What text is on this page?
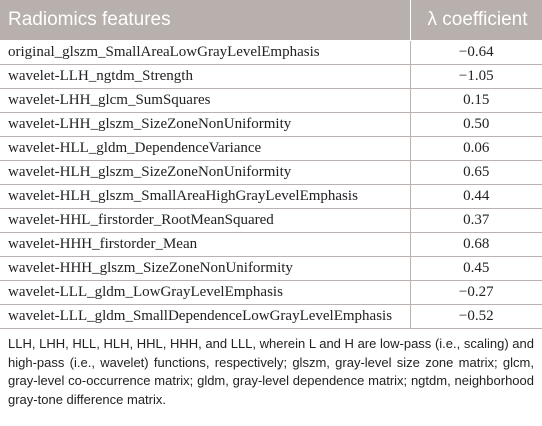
Radiomics features	λ coefficient
original_glszm_SmallAreaLowGrayLevelEmphasis	−0.64
wavelet-LLH_ngtdm_Strength	−1.05
wavelet-LHH_glcm_SumSquares	0.15
wavelet-LHH_glszm_SizeZoneNonUniformity	0.50
wavelet-HLL_gldm_DependenceVariance	0.06
wavelet-HLH_glszm_SizeZoneNonUniformity	0.65
wavelet-HLH_glszm_SmallAreaHighGrayLevelEmphasis	0.44
wavelet-HHL_firstorder_RootMeanSquared	0.37
wavelet-HHH_firstorder_Mean	0.68
wavelet-HHH_glszm_SizeZoneNonUniformity	0.45
wavelet-LLL_gldm_LowGrayLevelEmphasis	−0.27
wavelet-LLL_gldm_SmallDependenceLowGrayLevelEmphasis	−0.52

LLH, LHH, HLL, HLH, HHL, HHH, and LLL, wherein L and H are low-pass (i.e., scaling) and high-pass (i.e., wavelet) functions, respectively; glszm, gray-level size zone matrix; glcm, gray-level co-occurrence matrix; gldm, gray-level dependence matrix; ngtdm, neighborhood gray-tone difference matrix.
